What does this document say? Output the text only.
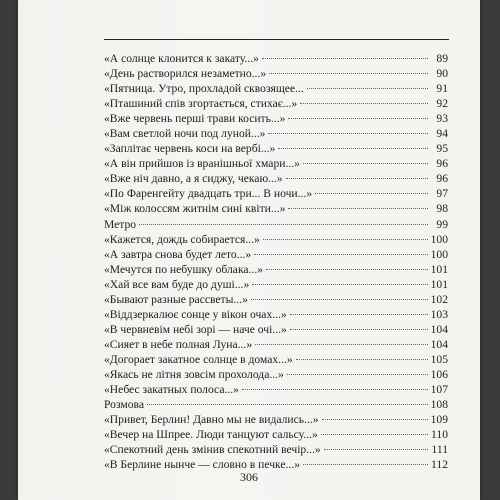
«А солнце клонится к закату...»	89
«День растворился незаметно...»	90
«Пятница. Утро, прохладой сквозящее...	91
«Пташиний спів згортається, стихає...»	92
«Вже червень перші трави косить...»	93
«Вам светлой ночи под луной...»	94
«Заплітає червень коси на вербі...»	95
«А він прийшов із вранішньої хмари...»	96
«Вже ніч давно, а я сиджу, чекаю...»	96
«По Фаренгейту двадцать три... В ночи...»	97
«Між колоссям житнім сині квіти...»	98
Метро	99
«Кажется, дождь собирается...»	100
«А завтра снова будет лето...»	100
«Мечутся по небушку облака...»	101
«Хай все вам буде до душі...»	101
«Бывают разные рассветы...»	102
«Віддзеркалює сонце у вікон очах...»	103
«В червневім небі зорі — наче очі...»	104
«Сияет в небе полная Луна...»	104
«Догорает закатное солнце в домах...»	105
«Якась не літня зовсім прохолода...»	106
«Небес закатных полоса...»	107
Розмова	108
«Привет, Берлин! Давно мы не видались...»	109
«Вечер на Шпрее. Люди танцуют сальсу...»	110
«Спекотний день змінив спекотний вечір...»	111
«В Берлине нынче — словно в печке...»	112
306
